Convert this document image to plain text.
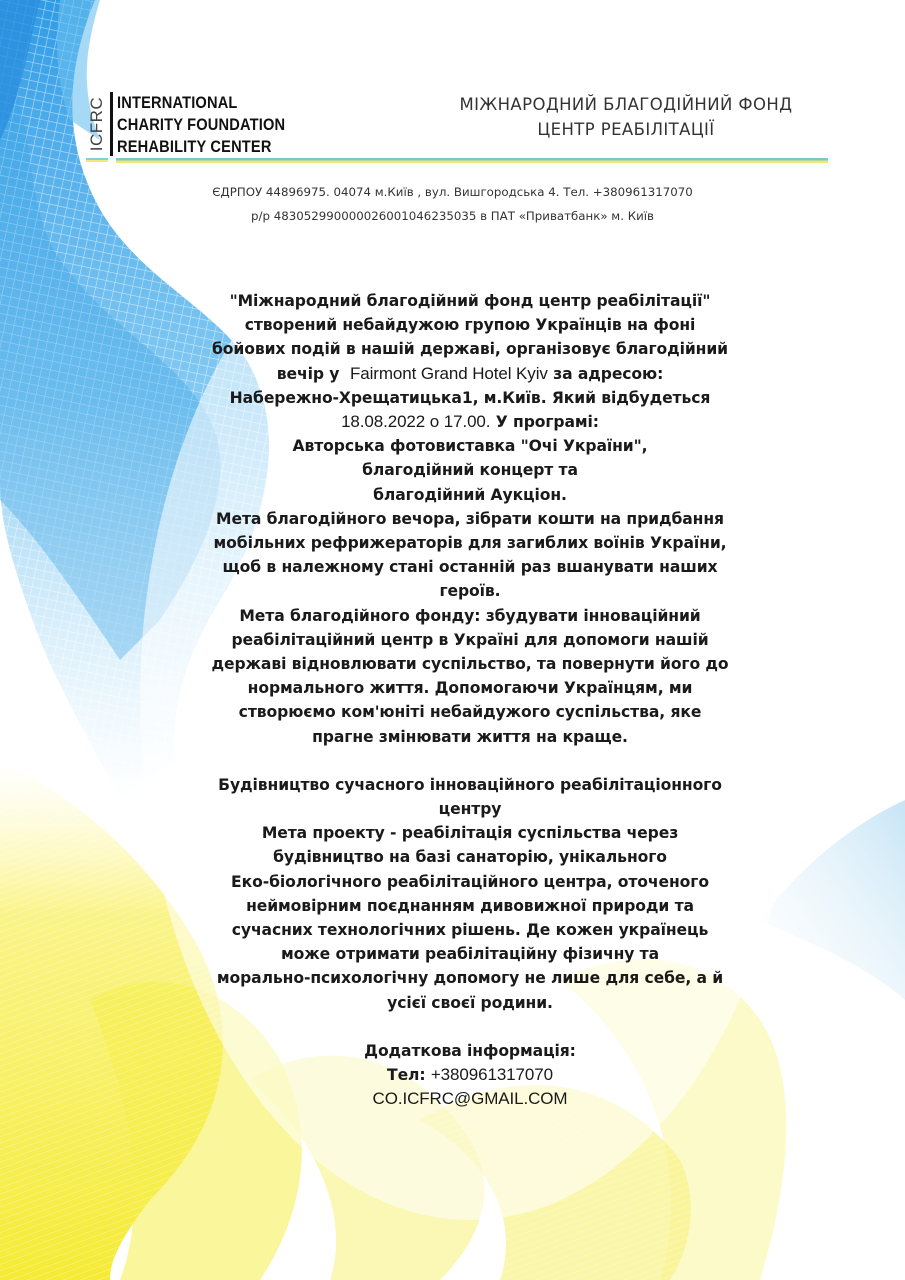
ICFRC INTERNATIONAL
CHARITY FOUNDATION
REHABILITY CENTER
МІЖНАРОДНИЙ БЛАГОДІЙНИЙ ФОНД
ЦЕНТР РЕАБІЛІТАЦІЇ
ЄДРПОУ 44896975. 04074 м.Київ , вул. Вишгородська 4. Тел. +380961317070
р/р 483052990000026001046235035 в ПАТ «Приватбанк» м. Київ

"Міжнародний благодійний фонд центр реабілітації"

створений небайдужою групою Українців на фоні

бойових подій в нашій державі, організовує благодійний

вечір у Fairmont Grand Hotel Kyiv за адресою:

Набережно-Хрещатицька1, м.Київ. Який відбудеться

18.08.2022 о 17.00. У програмі:

Авторська фотовиставка "Очі України",

благодійний концерт та

благодійний Аукціон.

Мета благодійного вечора, зібрати кошти на придбання

мобільних рефрижераторів для загиблих воїнів України,

щоб в належному стані останній раз вшанувати наших

героїв.

Мета благодійного фонду: збудувати інноваційний

реабілітаційний центр в Україні для допомоги нашій

державі відновлювати суспільство, та повернути його до

нормального життя. Допомогаючи Українцям, ми

створюємо ком'юніті небайдужого суспільства, яке

прагне змінювати життя на краще.

Будівництво сучасного інноваційного реабілітаціонного

центру

Мета проекту - реабілітація суспільства через

будівництво на базі санаторію, унікального

Еко-біологічного реабілітаційного центра, оточеного

неймовірним поєднанням дивовижної природи та

сучасних технологічних рішень. Де кожен українець

може отримати реабілітаційну фізичну та

морально-психологічну допомогу не лише для себе, а й

усієї своєї родини.

Додаткова інформація:

Тел: +380961317070

CO.ICFRC@GMAIL.COM
